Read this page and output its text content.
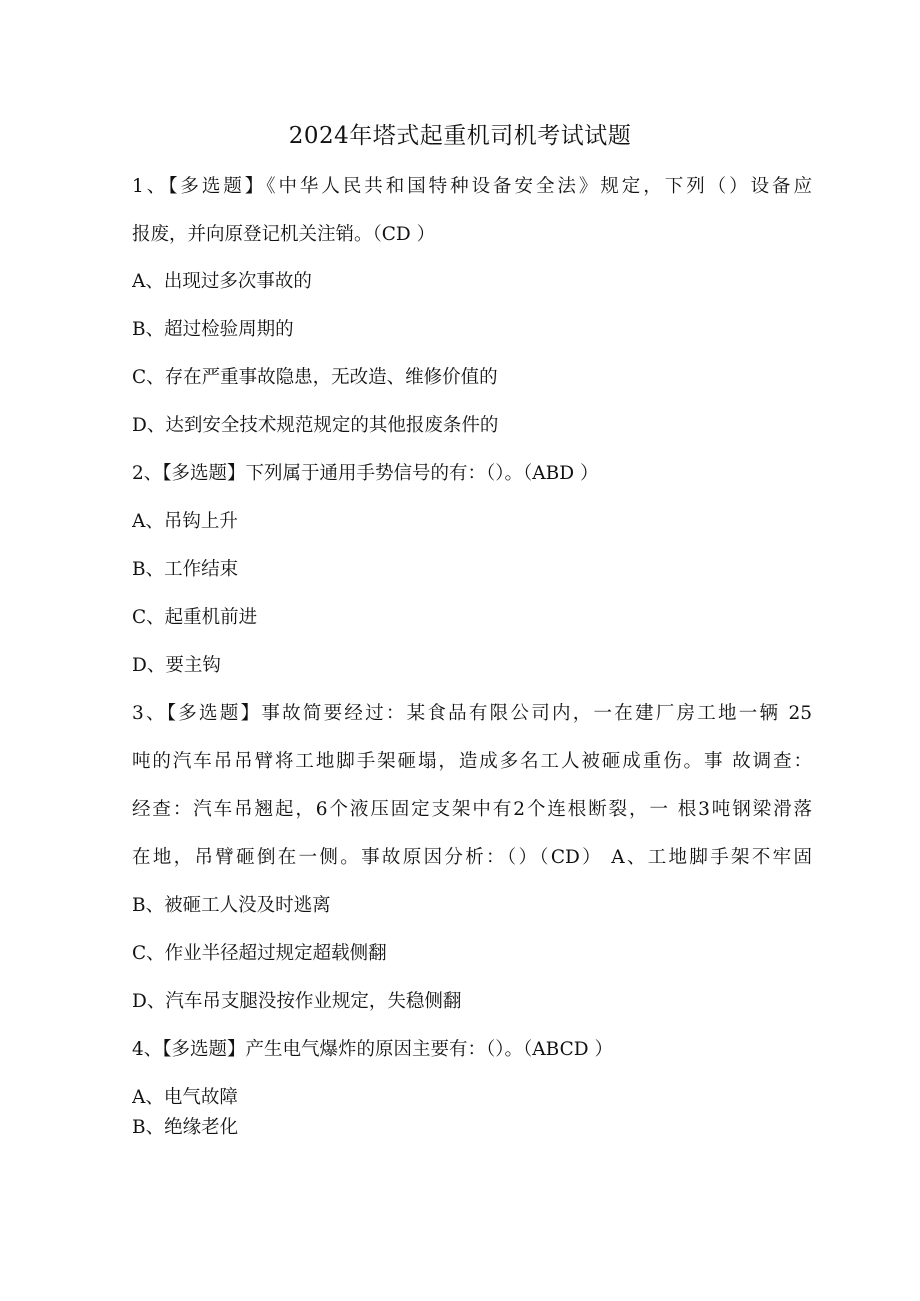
2024年塔式起重机司机考试试题
1、【多选题】《中华人民共和国特种设备安全法》规定，下列（）设备应
报废，并向原登记机关注销。（CD ）
A、出现过多次事故的
B、超过检验周期的
C、存在严重事故隐患，无改造、维修价值的
D、达到安全技术规范规定的其他报废条件的
2、【多选题】下列属于通用手势信号的有：（）。（ABD ）
A、吊钩上升
B、工作结束
C、起重机前进
D、要主钩
3、【多选题】事故简要经过：某食品有限公司内，一在建厂房工地一辆 25
吨的汽车吊吊臂将工地脚手架砸塌，造成多名工人被砸成重伤。事 故调查：
经查：汽车吊翘起，6个液压固定支架中有2个连根断裂，一 根3吨钢梁滑落
在地，吊臂砸倒在一侧。事故原因分析：（）（CD） A、工地脚手架不牢固
B、被砸工人没及时逃离
C、作业半径超过规定超载侧翻
D、汽车吊支腿没按作业规定，失稳侧翻
4、【多选题】产生电气爆炸的原因主要有：（）。（ABCD ）
A、电气故障
B、绝缘老化
